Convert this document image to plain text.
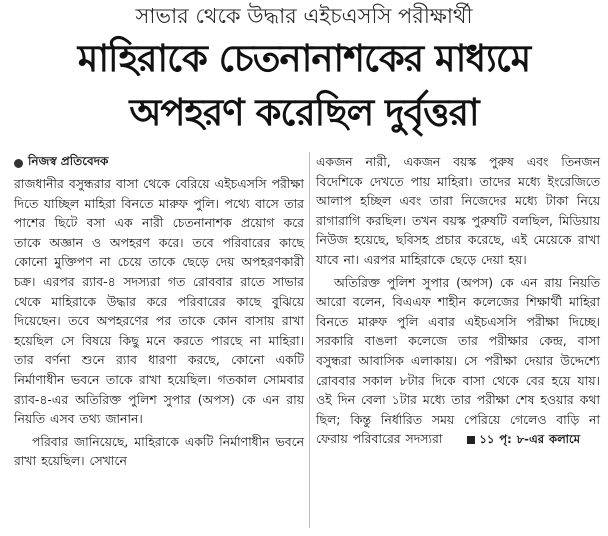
সাভার থেকে উদ্ধার এইচএসসি পরীক্ষার্থী
মাহিরাকে চেতনানাশকের মাধ্যমে
অপহরণ করেছিল দুর্বৃত্তরা
নিজস্ব প্রতিবেদক

রাজধানীর বসুন্ধরার বাসা থেকে বেরিয়ে এইচএসসি পরীক্ষা দিতে যাচ্ছিল মাহিরা বিনতে মারুফ পুলি। পথ্যে বাসে তার পাশের ছিটে বসা এক নারী চেতনানাশক প্রয়োগ করে তাকে অজ্ঞান ও অপহরণ করে। তবে পরিবারের কাছে কোনো মুক্তিপণ না চেয়ে তাকে ছেড়ে দেয় অপহরণকারী চক্র। এরপর র‍্যাব-৪ সদস্যরা গত রোববার রাতে সাভার থেকে মাহিরাকে উদ্ধার করে পরিবারের কাছে বুঝিয়ে দিয়েছেন। তবে অপহরণের পর তাকে কোন বাসায় রাখা হয়েছিল সে বিষয়ে কিছু মনে করতে পারছে না মাহিরা। তার বর্ণনা শুনে র‍্যাব ধারণা করছে, কোনো একটি নির্মাণাধীন ভবনে তাকে রাখা হয়েছিল। গতকাল সোমবার র‍্যাব-৪-এর অতিরিক্ত পুলিশ সুপার (অপস) কে এন রায় নিয়তি এসব তথ্য জানান।

পরিবার জানিয়েছে, মাহিরাকে একটি নির্মাণাধীন ভবনে রাখা হয়েছিল। সেখানে

একজন নারী, একজন বয়স্ক পুরুষ এবং তিনজন বিদেশিকে দেখতে পায় মাহিরা। তাদের মধ্যে ইংরেজিতে আলাপ হচ্ছিল এবং তারা নিজেদের মধ্যে টাকা নিয়ে রাগারাগি করছিল। তখন বয়স্ক পুরুষটি বলছিল, মিডিয়ায় নিউজ হয়েছে, ছবিসহ প্রচার করেছে, এই মেয়েকে রাখা যাবে না। এরপর মাহিরাকে ছেড়ে দেয়া হয়।

অতিরিক্ত পুলিশ সুপার (অপস) কে এন রায় নিয়তি আরো বলেন, বিএএফ শাহীন কলেজের শিক্ষার্থী মাহিরা বিনতে মারুফ পুলি এবার এইচএসসি পরীক্ষা দিচ্ছে। সরকারি বাঙলা কলেজে তার পরীক্ষার কেন্দ্র, বাসা বসুন্ধরা আবাসিক এলাকায়। সে পরীক্ষা দেয়ার উদ্দেশ্যে রোববার সকাল ৮টার দিকে বাসা থেকে বের হয়ে যায়। ওই দিন বেলা ১টার মধ্যে তার পরীক্ষা শেষ হওয়ার কথা ছিল; কিন্তু নির্ধারিত সময় পেরিয়ে গেলেও বাড়ি না ফেরায় পরিবারের সদস্যরা	১১ পৃ: ৮-এর কলামে
